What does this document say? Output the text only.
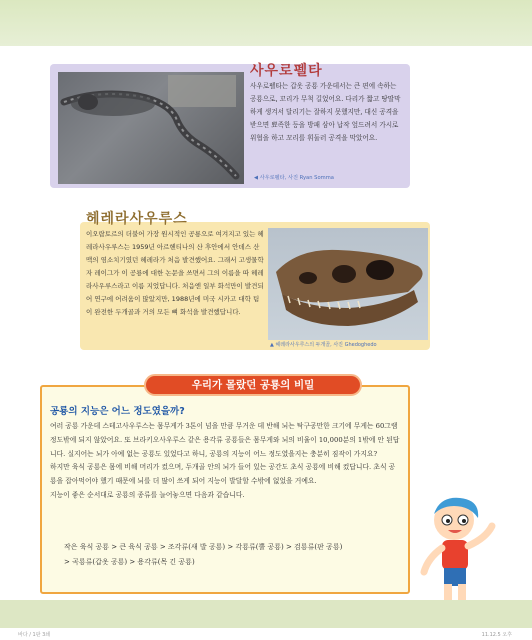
사우로펠타
사우로펠타는 갑옷 공룡 가운데서는 큰 편에 속하는 공룡으로, 꼬리가 무척 길었어요. 다리가 짧고 땅딸막하게 생겨서 달리기는 잘하지 못했지만, 대신 공격을 받으면 뾰족한 등을 방패 삼아 납작 엎드려서 가시로 위협을 하고 꼬리를 휘둘러 공격을 막았어요.
◀ 사우로펠타, 사진 Ryan Somma
헤레라사우루스
이오랍토르의 더불어 가장 원시적인 공룡으로 여겨지고 있는 헤레라사우루스는 1959년 아르헨티나의 산 후안에서 안데스 산맥의 염소치기였던 헤레라가 처음 발견했어요. 그래서 고생물학자 레이그가 이 공룡에 대한 논문을 쓰면서 그의 이름을 따 헤레라사우루스라고 이름 지었답니다. 처음엔 일부 화석만이 발견되어 연구에 어려움이 많았지만, 1988년에 미국 시카고 대학 팀이 완전한 두개골과 거의 모든 뼈 화석을 발견했답니다.
▲ 헤레라사우루스의 두개골, 사진 Ghedoghedo
우리가 몰랐던 공룡의 비밀
공룡의 지능은 어느 정도였을까?

여러 공룡 가운데 스테고사우루스는 몸무게가 3톤이 넘을 만큼 무거운 데 반해 뇌는 탁구공만한 크기에 무게는 60그램 정도밖에 되지 않았어요. 또 브라키오사우루스 같은 용각류 공룡들은 몸무게와 뇌의 비율이 10,000분의 1밖에 안 된답니다. 실지어는 뇌가 아예 없는 공룡도 있었다고 하니, 공룡의 지능이 어느 정도였을지는 충분히 짐작이 가지요?

하지만 육식 공룡은 몸에 비해 머리가 컸으며, 두개골 안의 뇌가 들어 있는 공간도 초식 공룡에 비해 컸답니다. 초식 공룡을 잡아먹어야 했기 때문에 뇌를 더 많이 쓰게 되어 지능이 발달할 수밖에 없었을 거예요.

지능이 좋은 순서대로 공룡의 종류를 늘어놓으면 다음과 같습니다.

작은 육식 공룡 > 큰 육식 공룡 > 조각류(새 발 공룡) > 각룡류(뿔 공룡) > 검룡류(판 공룡)
> 곡룡류(갑옷 공룡) > 용각류(목 긴 공룡)
바다 / 1판 3쇄	11.12.5 오후
